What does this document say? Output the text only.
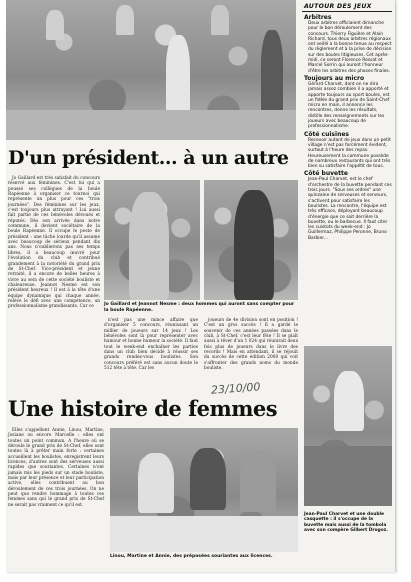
AUTOUR DES JEUX
Arbitres

Deux arbitres officiaient dimanche pour le bon déroulement des concours. Thierry Figuière et Alain Richard, tous deux arbitres régionaux ont veillé à la bonne tenue au respect du règlement et à la prise de décision sur des boules litigieuses. Cet après-midi, ce seront Florence Rossat et Marcel Sorrin qui auront l'honneur d'être les arbitres des phases finales.

Toujours au micro

Gérard Charvet, dont on ne dira jamais assez combien il a apporté et apporte toujours au sport boules, est un fidèle du grand prix de Saint-Chef micro en main, il annonce les rencontres, donne les résultats, distille des renseignements sur les joueurs avec beaucoup de professionnalisme.

Côté cuisines

Recevoir autant de jeux dans un petit village n'est pas forcément évident, surtout à l'heure des repas. Heureusement la commune possède de nombreux restaurants qui ont très bien su satisfaire l'appétit de tous.

Côté buvette

Jean-Paul Charvet, est le chef d'orchestre de la buvette pendant ces trois jours. "Sous ses ordres" une quinzaine de serveuses et serveurs, s'activent pour satisfaire les boulistes. La rencontre, l'équipe est très efficace, déployant beaucoup d'énergie que ce soit derrière la buvette, ou le barbecue. Il faut citer les cuistots du week-end : Jo Guillermaz, Philippe Peronne, Bruno Barbier...

Jean-Paul Charvet et une double casquette : il s'occupe de la buvette mais aussi de la tombola avec son compère Gilbert Drogoz.
D'un président... à un autre

Jo Gaillard est très satisfait du concours réservé aux féminines. C'est lui qui a poussé ses collègues de la boule Rapéenne à organiser ce tournoi qui représente un plus pour ces "trois journées". Des féminines sur les jeux, c'est toujours plus attrayant ! Lui aussi fait partie de ces bénévoles dévoués et réputés. Dès son arrivée dans notre commune, il devient sociétaire de la boule Rapéenne. Il occupe le poste de président : une tâche lourde qu'il assume avec beaucoup de sérieux pendant dix ans. Nous n'oublierons pas ses temps libres, il a beaucoup œuvré pour l'évolution du club et contribué grandement à la notoriété du grand prix de St-Chef. Vice-président et jeune retraité, il a encore de belles heures à vivre au sein de cette société bouliste et chaleureuse. Jeannot Nesme est son président heureux ! Il est à la tête d'une équipe dynamique qui chaque année, relève le défi avec une compétence, un professionnalisme grandissants. Car ce	Jo Gaillard et Jeannot Nesme : deux hommes qui auront sans compter pour la boule Rapéenne.

n'est pas une mince affaire que d'organiser 5 concours, réunissant un millier de joueurs sur 14 jeux ! Les bénévoles sont là pour représenter avec humour et bonne humeur la société. Il faut tout le week-end enchaîner les parties dans un club bien décidé à réussir ses grands rendez-vous boulistes. Son concours préféré est sans aucun doute le 512 tête à tête. Car les

joueurs de 4e division sont en position ! C'est un gros succès ! Il a gardé le souvenir de ces années passées dans le club, à St-Chef, c'est leur fête ! Il se plaît aussi à rêver d'un 1 024 qui réunirait deux fois plus de joueurs dans le livre des records ! Mais en attendant, il se réjouit du succès de cette édition 2000 qui voit s'affronter des grands noms du monde bouliste.

23/10/00
Une histoire de femmes

Elles s'appellent Annie, Linou, Martine, Josiane ou encore Marcelle : elles ont toutes un point commun. A l'heure où se déroule le grand prix de St-Chef, elles sont toutes là à prêter main forte : certaines accueillent les boulistes, enregistrent leurs licences, d'autres sont des serveuses aussi rapides que souriantes. Certaines n'ont jamais mis les pieds sur un stade bouliste, mais par leur présence et leur participation active, elles contribuent au bon déroulement de ces trois journées. On ne peut que rendre hommage à toutes ces femmes sans qui le grand prix de St-Chef ne serait pas vraiment ce qu'il est.

Linou, Martine et Annie, des préposées souriantes aux licences.
